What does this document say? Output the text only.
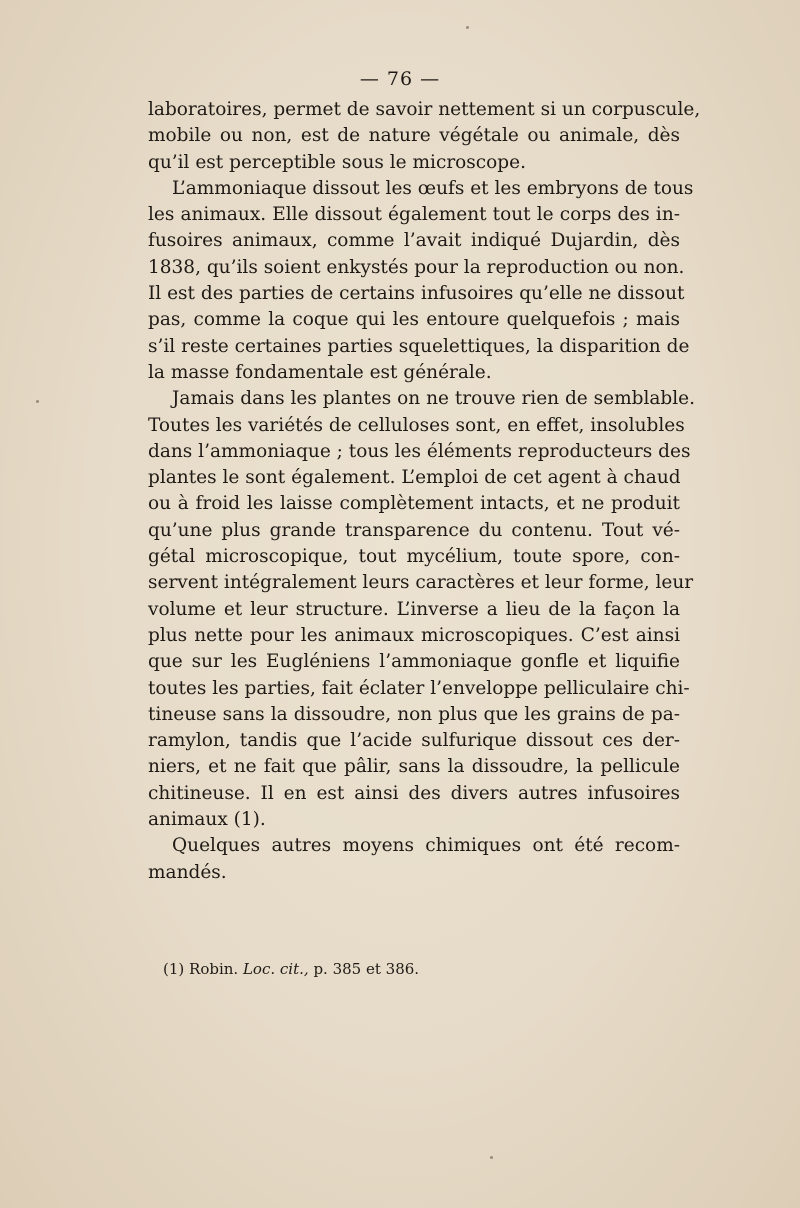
— 76 —
laboratoires, permet de savoir nettement si un corpuscule,
mobile ou non, est de nature végétale ou animale, dès
qu’il est perceptible sous le microscope.
L’ammoniaque dissout les œufs et les embryons de tous
les animaux. Elle dissout également tout le corps des in-
fusoires animaux, comme l’avait indiqué Dujardin, dès
1838, qu’ils soient enkystés pour la reproduction ou non.
Il est des parties de certains infusoires qu’elle ne dissout
pas, comme la coque qui les entoure quelquefois ; mais
s’il reste certaines parties squelettiques, la disparition de
la masse fondamentale est générale.
Jamais dans les plantes on ne trouve rien de semblable.
Toutes les variétés de celluloses sont, en effet, insolubles
dans l’ammoniaque ; tous les éléments reproducteurs des
plantes le sont également. L’emploi de cet agent à chaud
ou à froid les laisse complètement intacts, et ne produit
qu’une plus grande transparence du contenu. Tout vé-
gétal microscopique, tout mycélium, toute spore, con-
servent intégralement leurs caractères et leur forme, leur
volume et leur structure. L’inverse a lieu de la façon la
plus nette pour les animaux microscopiques. C’est ainsi
que sur les Eugléniens l’ammoniaque gonfle et liquifie
toutes les parties, fait éclater l’enveloppe pelliculaire chi-
tineuse sans la dissoudre, non plus que les grains de pa-
ramylon, tandis que l’acide sulfurique dissout ces der-
niers, et ne fait que pâlir, sans la dissoudre, la pellicule
chitineuse. Il en est ainsi des divers autres infusoires
animaux (1).
Quelques autres moyens chimiques ont été recom-
mandés.
(1) Robin. Loc. cit., p. 385 et 386.
